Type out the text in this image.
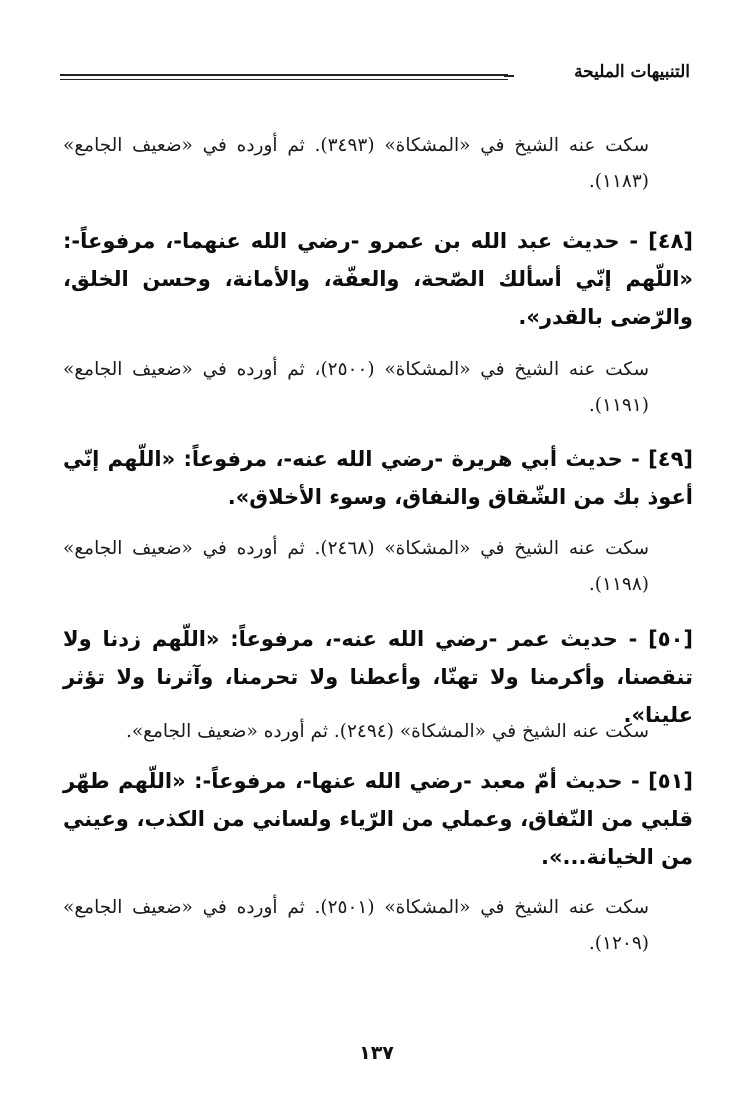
التنبيهات المليحة
سكت عنه الشيخ في «المشكاة» (٣٤٩٣). ثم أورده في «ضعيف الجامع» (١١٨٣).
[٤٨] - حديث عبد الله بن عمرو -رضي الله عنهما-، مرفوعاً-: «اللّهم إنّي أسألك الصّحة، والعفّة، والأمانة، وحسن الخلق، والرّضى بالقدر».
سكت عنه الشيخ في «المشكاة» (٢٥٠٠)، ثم أورده في «ضعيف الجامع» (١١٩١).
[٤٩] - حديث أبي هريرة -رضي الله عنه-، مرفوعاً: «اللّهم إنّي أعوذ بك من الشّقاق والنفاق، وسوء الأخلاق».
سكت عنه الشيخ في «المشكاة» (٢٤٦٨). ثم أورده في «ضعيف الجامع» (١١٩٨).
[٥٠] - حديث عمر -رضي الله عنه-، مرفوعاً: «اللّهم زدنا ولا تنقصنا، وأكرمنا ولا تهنّا، وأعطنا ولا تحرمنا، وآثرنا ولا تؤثر علينا».
سكت عنه الشيخ في «المشكاة» (٢٤٩٤). ثم أورده «ضعيف الجامع».
[٥١] - حديث أمّ معبد -رضي الله عنها-، مرفوعاً-: «اللّهم طهّر قلبي من النّفاق، وعملي من الرّياء ولساني من الكذب، وعيني من الخيانة...».
سكت عنه الشيخ في «المشكاة» (٢٥٠١). ثم أورده في «ضعيف الجامع» (١٢٠٩).
١٣٧
